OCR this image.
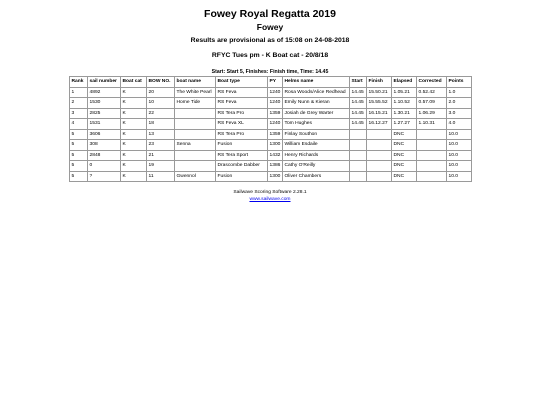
Fowey Royal Regatta 2019
Fowey
Results are provisional as of 15:08 on 24-08-2018
RFYC Tues pm - K Boat cat - 20/8/18
Start: Start 5, Finishes: Finish time, Time: 14.45
Rank	sail number	Boat cat	BOW NO.	boat name	Boat type	PY	Helms name	Start	Finish	Elapsed	Corrected	Points
1	4892	K	20	The White Pearl	RS Feva	1240	Rosa Woods/Alice Redhead	14.45	15.50.21	1.05.21	0.52.42	1.0
2	1530	K	10	Home Tide	RS Feva	1240	Emily Nunn & Kieran	14.45	15.55.52	1.10.52	0.57.09	2.0
3	2825	K	22		RS Tera Pro	1359	Josiah de Grey Warter	14.45	16.15.21	1.30.21	1.06.29	3.0
4	1531	K	18		RS Feva XL	1240	Tom Hughes	14.45	16.12.27	1.27.27	1.10.31	4.0
5	3606	K	13		RS Tera Pro	1359	Finlay Southon			DNC		10.0
5	308	K	23	Senna	Fusion	1300	William Esdaile			DNC		10.0
5	2848	K	21		RS Tera Sport	1432	Henry Richards			DNC		10.0
5	0	K	19		Drascombe Dabber	1386	Cathy O'Reilly			DNC		10.0
5	?	K	11	Gwennol	Fusion	1300	Oliver Chambers			DNC		10.0
Sailwave Scoring Software 2.28.1
www.sailwave.com
